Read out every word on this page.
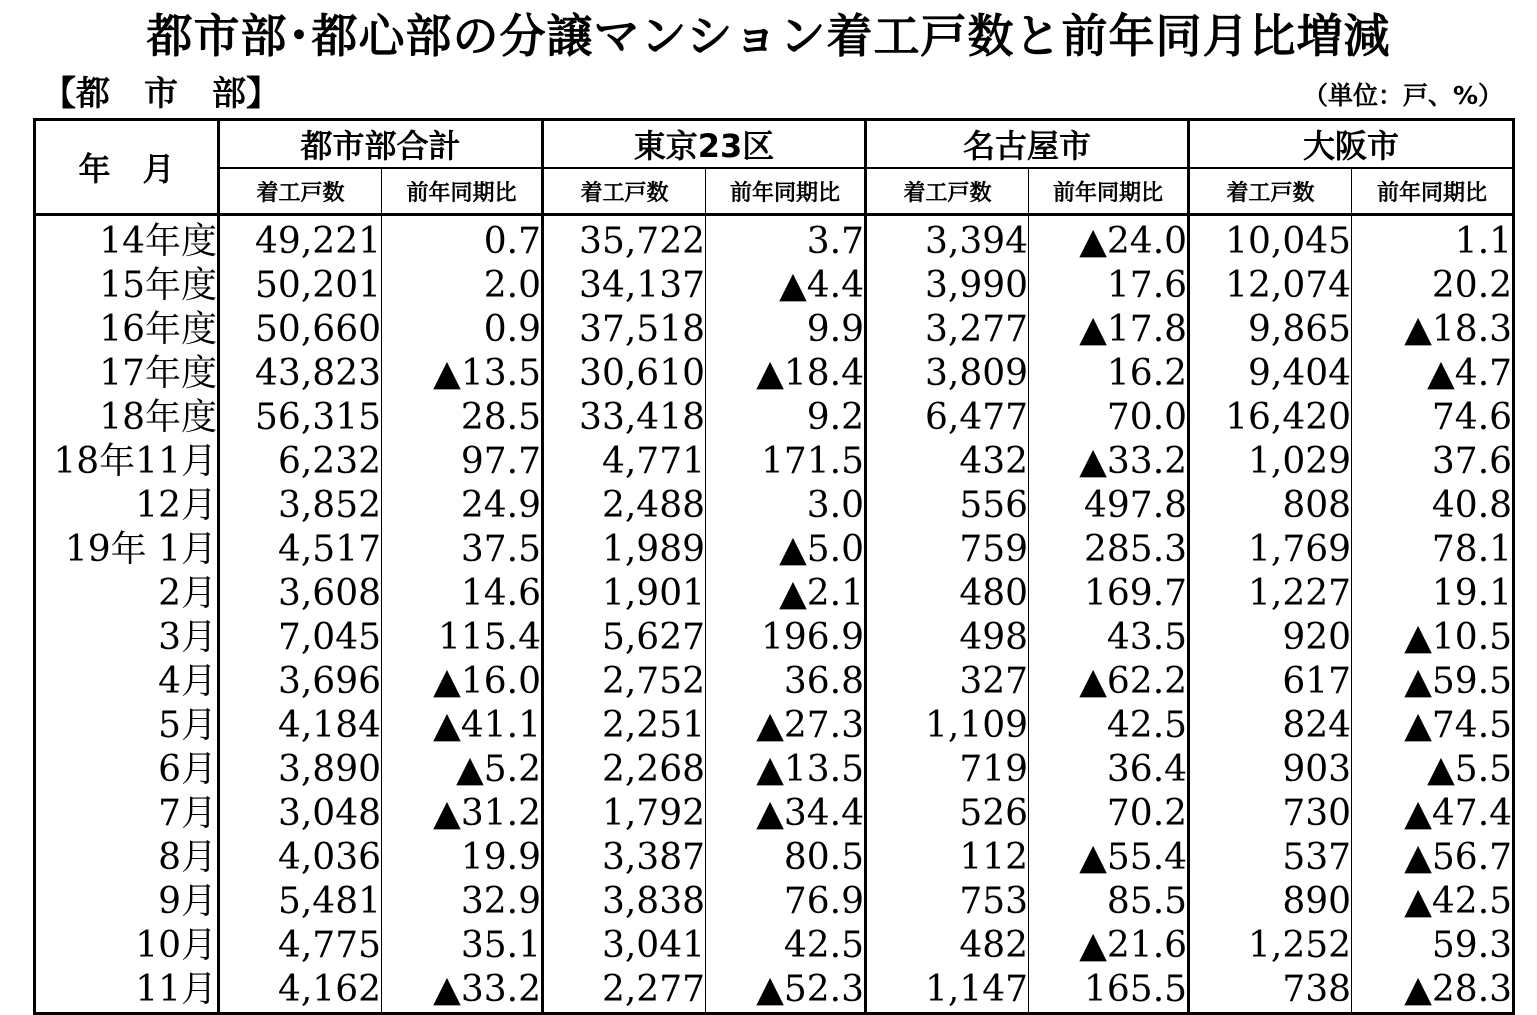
都市部･都心部の分譲マンション着工戸数と前年同月比増減
【都　市　部】	（単位：戸、%）
年　月	都市部合計		東京23区		名古屋市		大阪市	
	着工戸数	前年同期比	着工戸数	前年同期比	着工戸数	前年同期比	着工戸数	前年同期比
14年度	49,221	0.7	35,722	3.7	3,394	▲24.0	10,045	1.1
15年度	50,201	2.0	34,137	▲4.4	3,990	17.6	12,074	20.2
16年度	50,660	0.9	37,518	9.9	3,277	▲17.8	9,865	▲18.3
17年度	43,823	▲13.5	30,610	▲18.4	3,809	16.2	9,404	▲4.7
18年度	56,315	28.5	33,418	9.2	6,477	70.0	16,420	74.6
18年11月	6,232	97.7	4,771	171.5	432	▲33.2	1,029	37.6
12月	3,852	24.9	2,488	3.0	556	497.8	808	40.8
19年 1月	4,517	37.5	1,989	▲5.0	759	285.3	1,769	78.1
2月	3,608	14.6	1,901	▲2.1	480	169.7	1,227	19.1
3月	7,045	115.4	5,627	196.9	498	43.5	920	▲10.5
4月	3,696	▲16.0	2,752	36.8	327	▲62.2	617	▲59.5
5月	4,184	▲41.1	2,251	▲27.3	1,109	42.5	824	▲74.5
6月	3,890	▲5.2	2,268	▲13.5	719	36.4	903	▲5.5
7月	3,048	▲31.2	1,792	▲34.4	526	70.2	730	▲47.4
8月	4,036	19.9	3,387	80.5	112	▲55.4	537	▲56.7
9月	5,481	32.9	3,838	76.9	753	85.5	890	▲42.5
10月	4,775	35.1	3,041	42.5	482	▲21.6	1,252	59.3
11月	4,162	▲33.2	2,277	▲52.3	1,147	165.5	738	▲28.3
